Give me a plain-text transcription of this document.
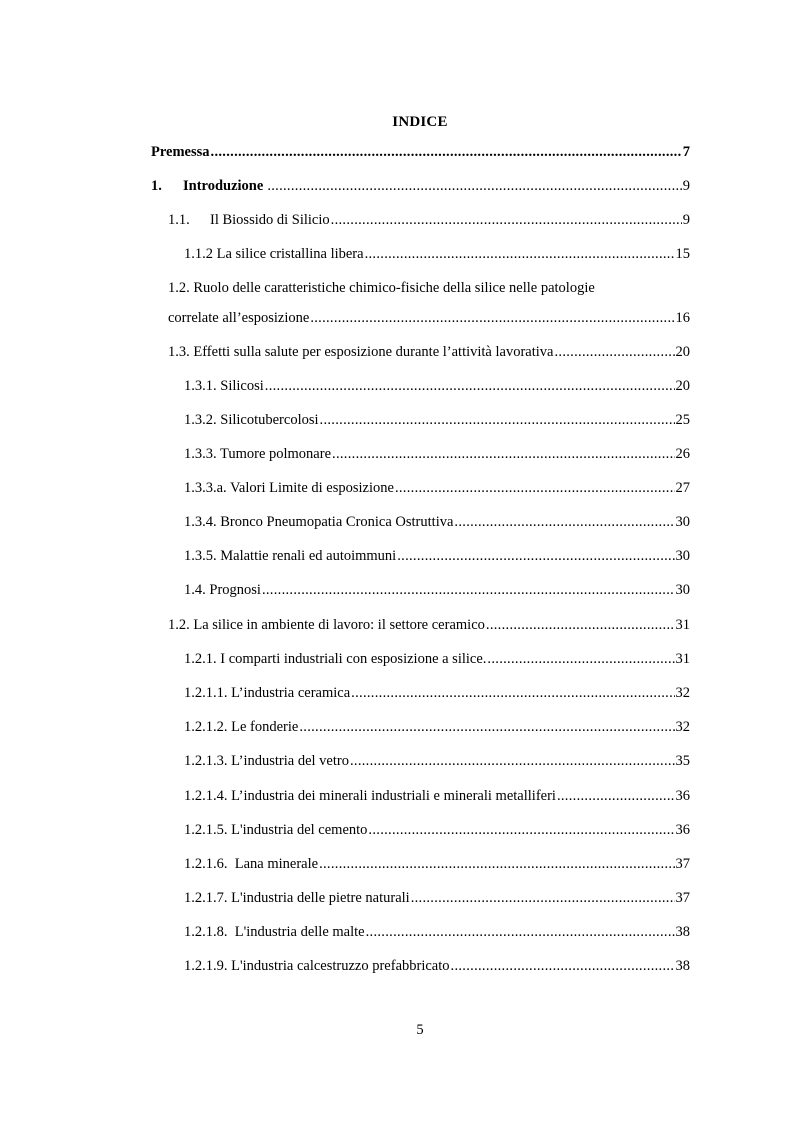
INDICE
Premessa .....	7
1.	Introduzione .....	9
1.1.	Il Biossido di Silicio .....	9
1.1.2 La silice cristallina libera .....	15
1.2. Ruolo delle caratteristiche chimico-fisiche della silice nelle patologie
correlate all’esposizione .....	16
1.3. Effetti sulla salute per esposizione durante l’attività lavorativa .....	20
1.3.1. Silicosi .....	20
1.3.2. Silicotubercolosi .....	25
1.3.3. Tumore polmonare .....	26
1.3.3.a. Valori Limite di esposizione .....	27
1.3.4. Bronco Pneumopatia Cronica Ostruttiva .....	30
1.3.5. Malattie renali ed autoimmuni .....	30
1.4. Prognosi .....	30
1.2. La silice in ambiente di lavoro: il settore ceramico .....	31
1.2.1. I comparti industriali con esposizione a silice. .....	31
1.2.1.1. L’industria ceramica .....	32
1.2.1.2. Le fonderie .....	32
1.2.1.3. L’industria del vetro .....	35
1.2.1.4. L’industria dei minerali industriali e minerali metalliferi .....	36
1.2.1.5. L'industria del cemento .....	36
1.2.1.6.  Lana minerale .....	37
1.2.1.7. L'industria delle pietre naturali .....	37
1.2.1.8.  L'industria delle malte .....	38
1.2.1.9. L'industria calcestruzzo prefabbricato .....	38
5
